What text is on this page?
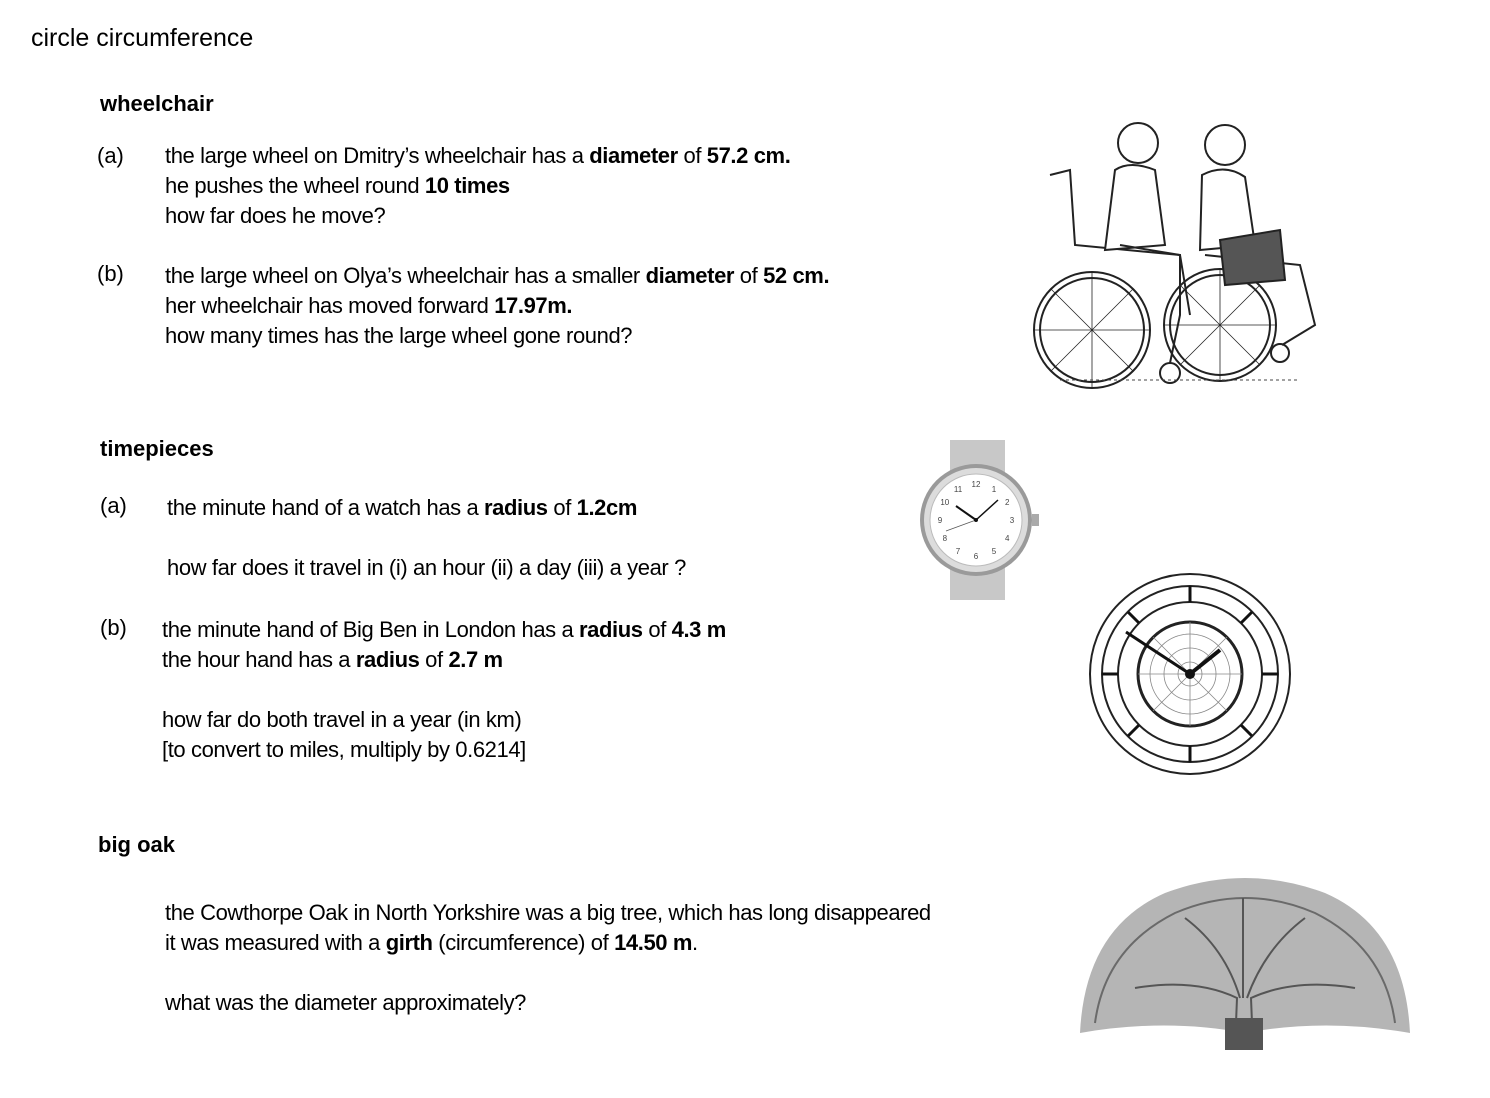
circle circumference
wheelchair
(a) the large wheel on Dmitry’s wheelchair has a diameter of 57.2 cm.
he pushes the wheel round 10 times
how far does he move?
(b) the large wheel on Olya’s wheelchair has a smaller diameter of 52 cm.
her wheelchair has moved forward 17.97m.
how many times has the large wheel gone round?
timepieces
(a) the minute hand of a watch has a radius of 1.2cm
how far does it travel in (i) an hour (ii) a day (iii) a year ?
(b) the minute hand of Big Ben in London has a radius of 4.3 m
the hour hand has a radius of 2.7 m
how far do both travel in a year (in km)
[to convert to miles, multiply by 0.6214]
12
1
2
3
4
5
6
7
8
9
10
11
big oak
the Cowthorpe Oak in North Yorkshire was a big tree, which has long disappeared
it was measured with a girth (circumference) of 14.50 m.
what was the diameter approximately?
